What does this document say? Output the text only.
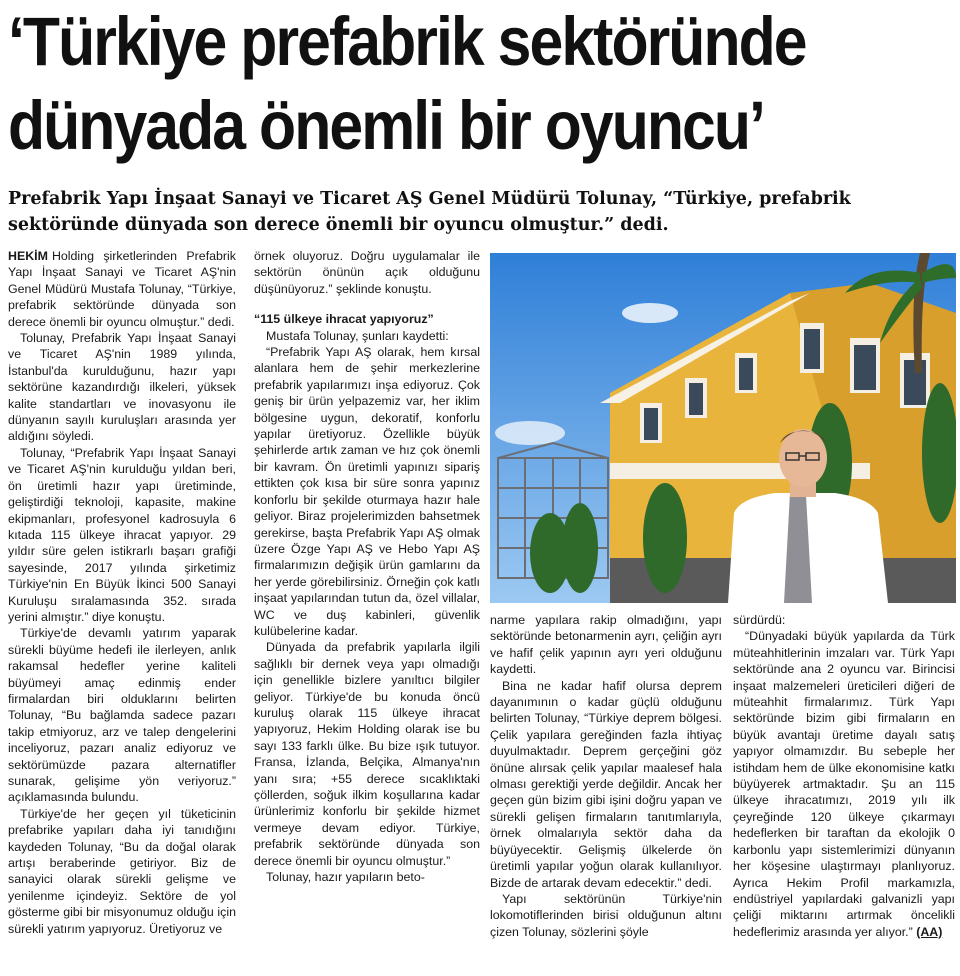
‘Türkiye prefabrik sektöründe
dünyada önemli bir oyuncu’

Prefabrik Yapı İnşaat Sanayi ve Ticaret AŞ Genel Müdürü Tolunay, “Türkiye, prefabrik sektöründe dünyada son derece önemli bir oyuncu olmuştur.” dedi.

HEKİM Holding şirketlerinden Prefabrik Yapı İnşaat Sanayi ve Ticaret AŞ'nin Genel Müdürü Mustafa Tolunay, “Türkiye, prefabrik sektöründe dünyada son derece önemli bir oyuncu olmuştur.” dedi.

Tolunay, Prefabrik Yapı İnşaat Sanayi ve Ticaret AŞ'nin 1989 yılında, İstanbul'da kurulduğunu, hazır yapı sektörüne kazandırdığı ilkeleri, yüksek kalite standartları ve inovasyonu ile dünyanın sayılı kuruluşları arasında yer aldığını söyledi.

Tolunay, “Prefabrik Yapı İnşaat Sanayi ve Ticaret AŞ'nin kurulduğu yıldan beri, ön üretimli hazır yapı üretiminde, geliştirdiği teknoloji, kapasite, makine ekipmanları, profesyonel kadrosuyla 6 kıtada 115 ülkeye ihracat yapıyor. 29 yıldır süre gelen istikrarlı başarı grafiği sayesinde, 2017 yılında şirketimiz Türkiye'nin En Büyük İkinci 500 Sanayi Kuruluşu sıralamasında 352. sırada yerini almıştır.” diye konuştu.

Türkiye'de devamlı yatırım yaparak sürekli büyüme hedefi ile ilerleyen, anlık rakamsal hedefler yerine kaliteli büyümeyi amaç edinmiş ender firmalardan biri olduklarını belirten Tolunay, “Bu bağlamda sadece pazarı takip etmiyoruz, arz ve talep dengelerini inceliyoruz, pazarı analiz ediyoruz ve sektörümüzde pazara alternatifler sunarak, gelişime yön veriyoruz.” açıklamasında bulundu.

Türkiye'de her geçen yıl tüketicinin prefabrike yapıları daha iyi tanıdığını kaydeden Tolunay, “Bu da doğal olarak artışı beraberinde getiriyor. Biz de sanayici olarak sürekli gelişme ve yenilenme içindeyiz. Sektöre de yol gösterme gibi bir misyonumuz olduğu için sürekli yatırım yapıyoruz. Üretiyoruz ve

örnek oluyoruz. Doğru uygulamalar ile sektörün önünün açık olduğunu düşünüyoruz.” şeklinde konuştu.

“115 ülkeye ihracat yapıyoruz”

Mustafa Tolunay, şunları kaydetti:

“Prefabrik Yapı AŞ olarak, hem kırsal alanlara hem de şehir merkezlerine prefabrik yapılarımızı inşa ediyoruz. Çok geniş bir ürün yelpazemiz var, her iklim bölgesine uygun, dekoratif, konforlu yapılar üretiyoruz. Özellikle büyük şehirlerde artık zaman ve hız çok önemli bir kavram. Ön üretimli yapınızı sipariş ettikten çok kısa bir süre sonra yapınız konforlu bir şekilde oturmaya hazır hale geliyor. Biraz projelerimizden bahsetmek gerekirse, başta Prefabrik Yapı AŞ olmak üzere Özge Yapı AŞ ve Hebo Yapı AŞ firmalarımızın değişik ürün gamlarını da her yerde görebilirsiniz. Örneğin çok katlı inşaat yapılarından tutun da, özel villalar, WC ve duş kabinleri, güvenlik kulübelerine kadar.

Dünyada da prefabrik yapılarla ilgili sağlıklı bir dernek veya yapı olmadığı için genellikle bizlere yanıltıcı bilgiler geliyor. Türkiye'de bu konuda öncü kuruluş olarak 115 ülkeye ihracat yapıyoruz, Hekim Holding olarak ise bu sayı 133 farklı ülke. Bu bize ışık tutuyor. Fransa, İzlanda, Belçika, Almanya'nın yanı sıra; +55 derece sıcaklıktaki çöllerden, soğuk ilkim koşullarına kadar ürünlerimiz konforlu bir şekilde hizmet vermeye devam ediyor. Türkiye, prefabrik sektöründe dünyada son derece önemli bir oyuncu olmuştur.”

Tolunay, hazır yapıların beto-

narme yapılara rakip olmadığını, yapı sektöründe betonarmenin ayrı, çeliğin ayrı ve hafif çelik yapının ayrı yeri olduğunu kaydetti.

Bina ne kadar hafif olursa deprem dayanımının o kadar güçlü olduğunu belirten Tolunay, “Türkiye deprem bölgesi. Çelik yapılara gereğinden fazla ihtiyaç duyulmaktadır. Deprem gerçeğini göz önüne alırsak çelik yapılar maalesef hala olması gerektiği yerde değildir. Ancak her geçen gün bizim gibi işini doğru yapan ve sürekli gelişen firmaların tanıtımlarıyla, örnek olmalarıyla sektör daha da büyüyecektir. Gelişmiş ülkelerde ön üretimli yapılar yoğun olarak kullanılıyor. Bizde de artarak devam edecektir.” dedi.

Yapı sektörünün Türkiye'nin lokomotiflerinden birisi olduğunun altını çizen Tolunay, sözlerini şöyle

sürdürdü:

“Dünyadaki büyük yapılarda da Türk müteahhitlerinin imzaları var. Türk Yapı sektöründe ana 2 oyuncu var. Birincisi inşaat malzemeleri üreticileri diğeri de müteahhit firmalarımız. Türk Yapı sektöründe bizim gibi firmaların en büyük avantajı üretime dayalı satış yapıyor olmamızdır. Bu sebeple her istihdam hem de ülke ekonomisine katkı büyüyerek artmaktadır. Şu an 115 ülkeye ihracatımızı, 2019 yılı ilk çeyreğinde 120 ülkeye çıkarmayı hedeflerken bir taraftan da ekolojik 0 karbonlu yapı sistemlerimizi dünyanın her köşesine ulaştırmayı planlıyoruz. Ayrıca Hekim Profil markamızla, endüstriyel yapılardaki galvanizli yapı çeliği miktarını artırmak öncelikli hedeflerimiz arasında yer alıyor.” (AA)
